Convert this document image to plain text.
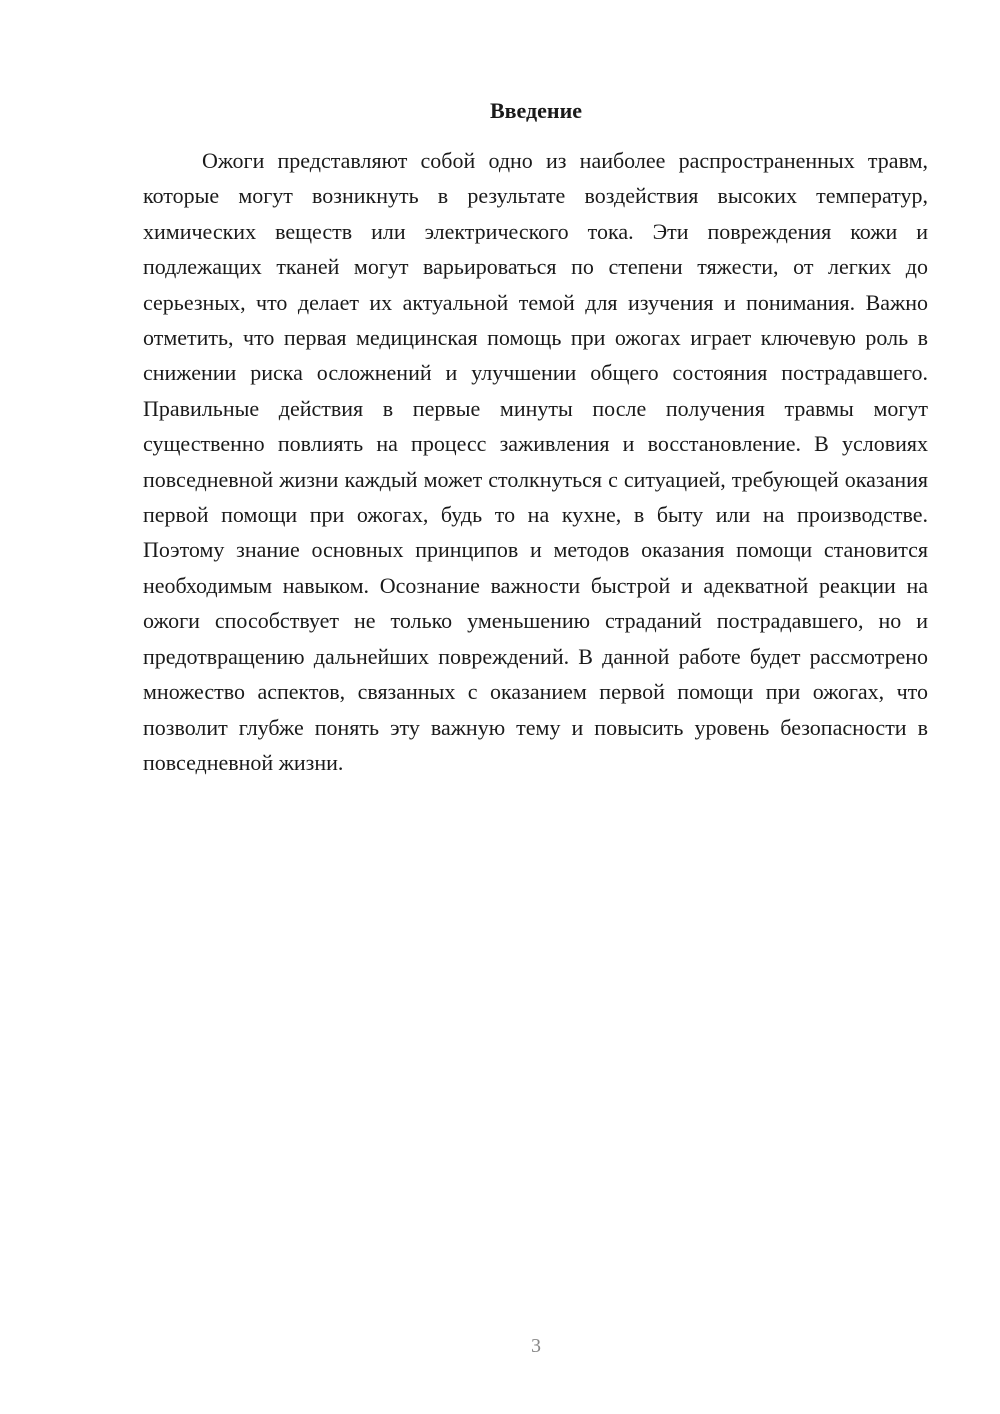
Введение

Ожоги представляют собой одно из наиболее распространенных травм, которые могут возникнуть в результате воздействия высоких температур, химических веществ или электрического тока. Эти повреждения кожи и подлежащих тканей могут варьироваться по степени тяжести, от легких до серьезных, что делает их актуальной темой для изучения и понимания. Важно отметить, что первая медицинская помощь при ожогах играет ключевую роль в снижении риска осложнений и улучшении общего состояния пострадавшего. Правильные действия в первые минуты после получения травмы могут существенно повлиять на процесс заживления и восстановление. В условиях повседневной жизни каждый может столкнуться с ситуацией, требующей оказания первой помощи при ожогах, будь то на кухне, в быту или на производстве. Поэтому знание основных принципов и методов оказания помощи становится необходимым навыком. Осознание важности быстрой и адекватной реакции на ожоги способствует не только уменьшению страданий пострадавшего, но и предотвращению дальнейших повреждений. В данной работе будет рассмотрено множество аспектов, связанных с оказанием первой помощи при ожогах, что позволит глубже понять эту важную тему и повысить уровень безопасности в повседневной жизни.

3
